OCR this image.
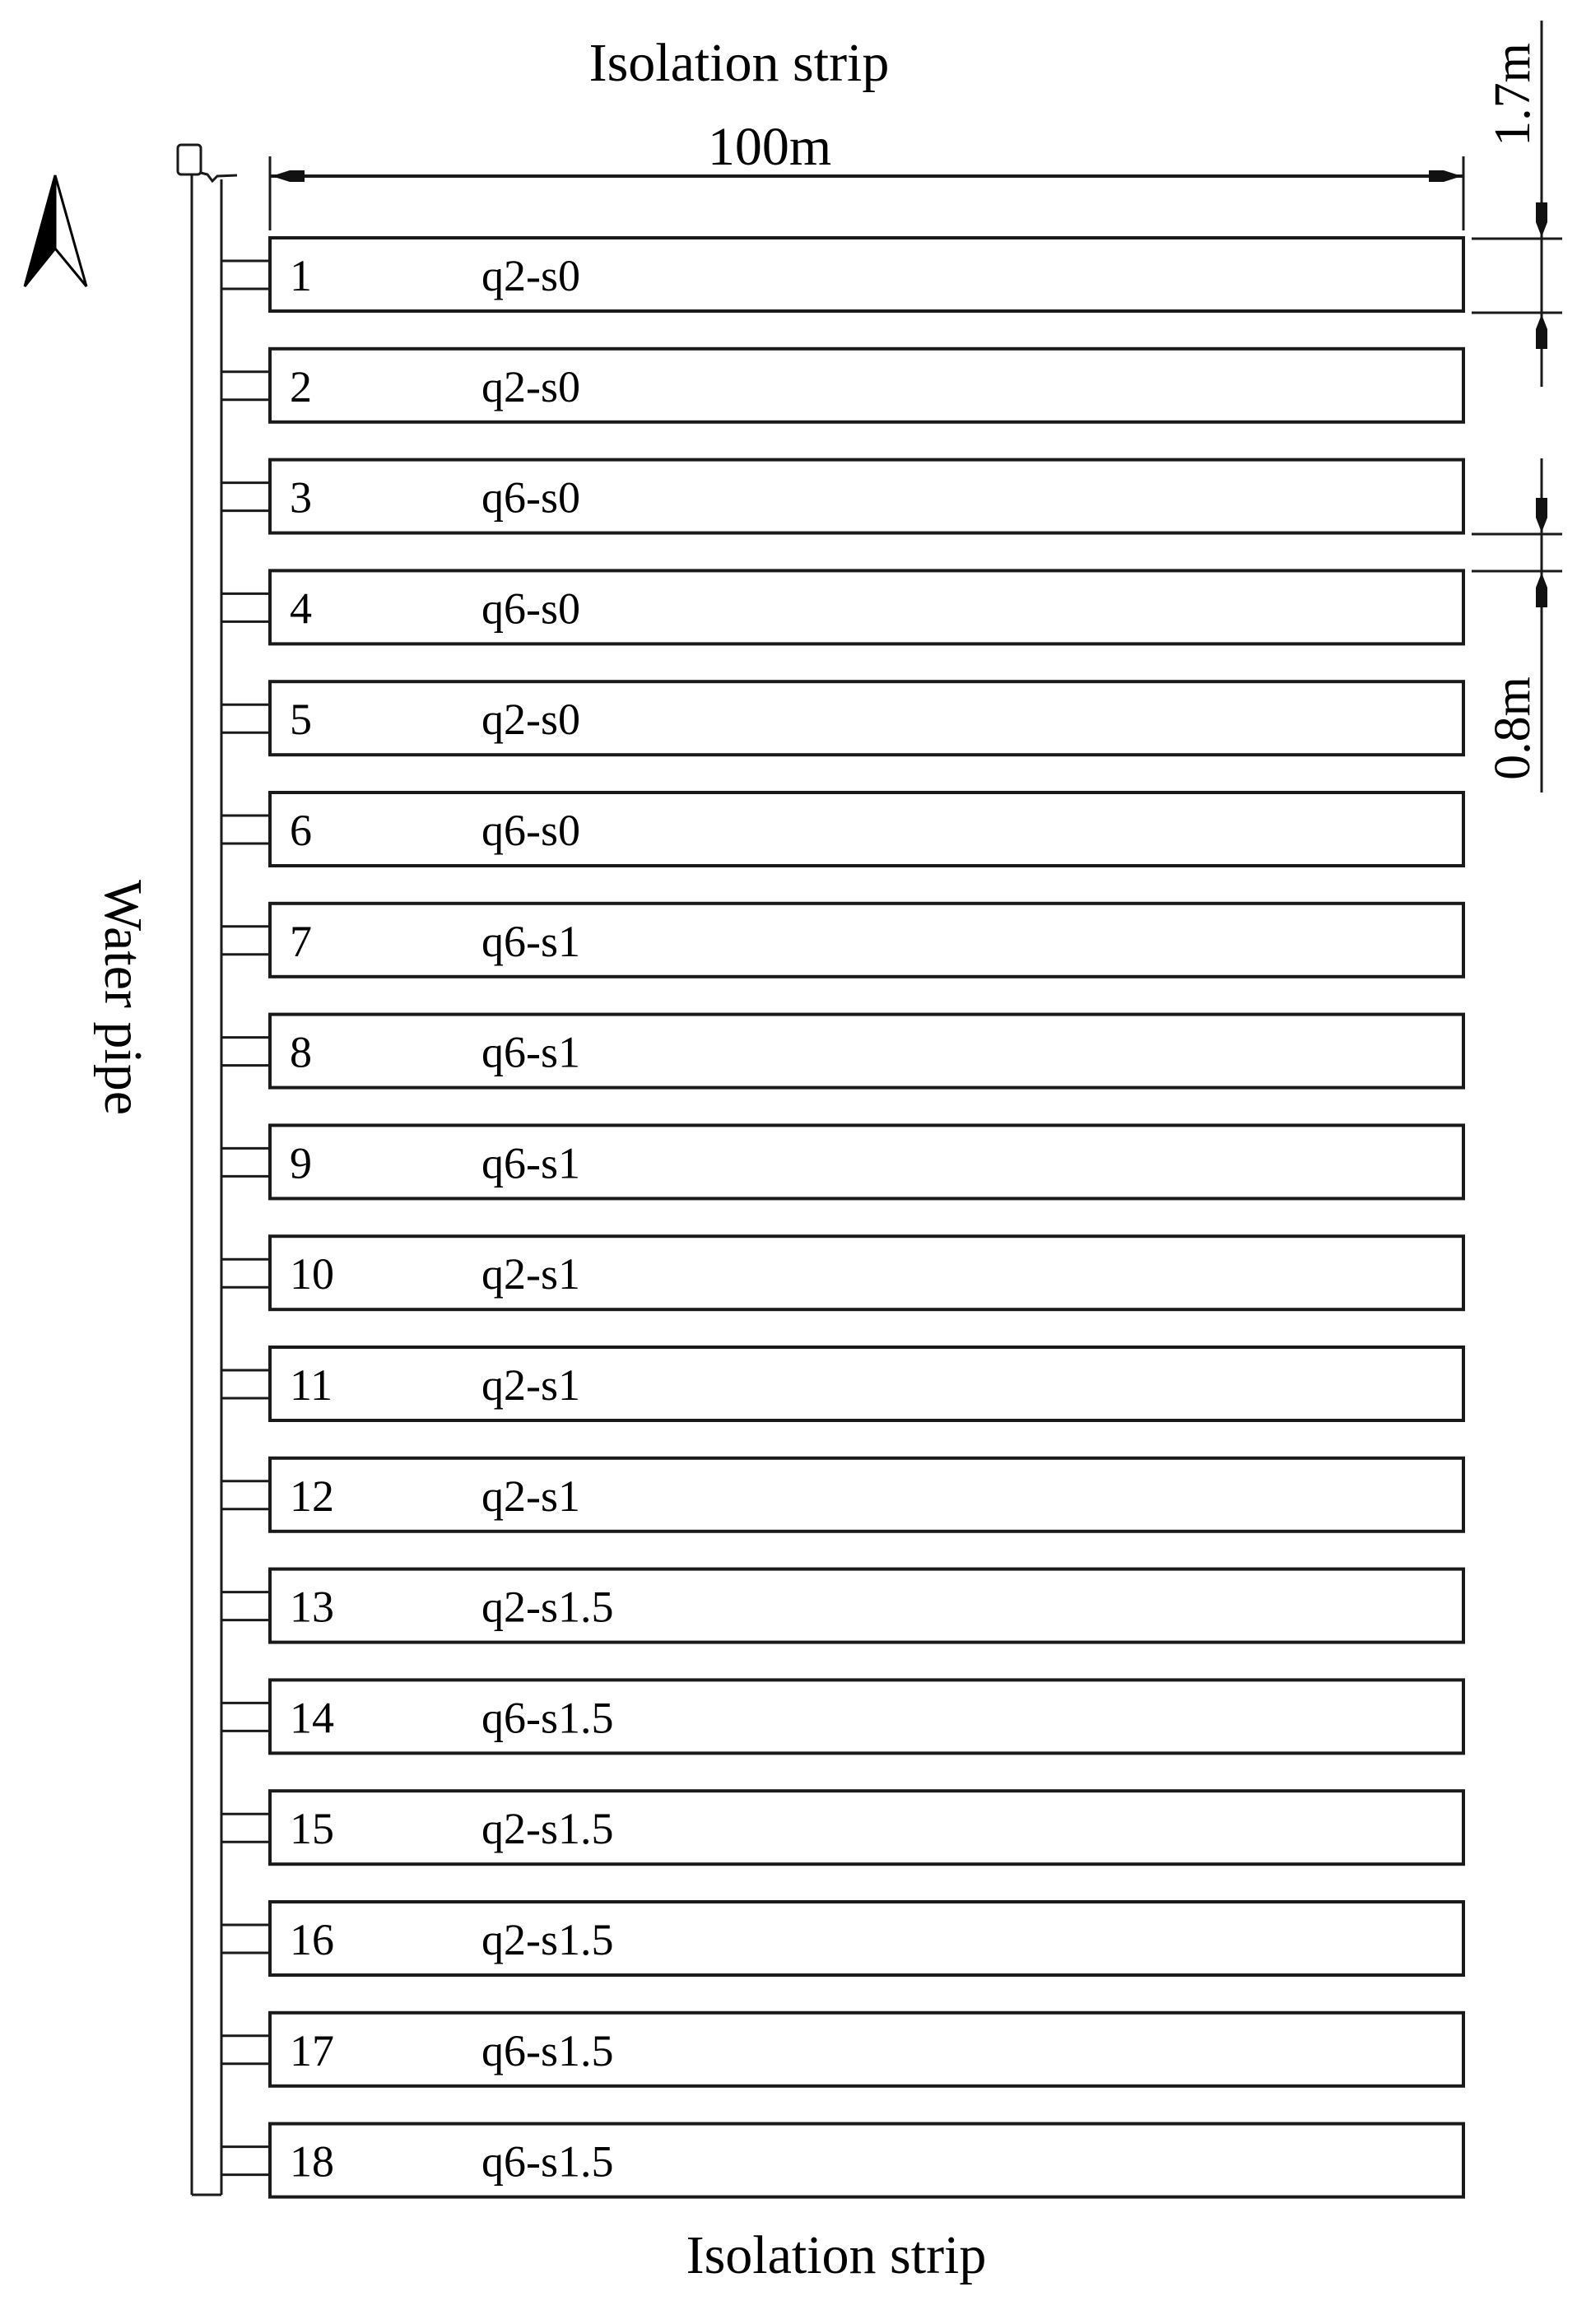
Isolation strip
100m
Water pipe
1	q2-s0
2	q2-s0
3	q6-s0
4	q6-s0
5	q2-s0
6	q6-s0
7	q6-s1
8	q6-s1
9	q6-s1
10	q2-s1
11	q2-s1
12	q2-s1
13	q2-s1.5
14	q6-s1.5
15	q2-s1.5
16	q2-s1.5
17	q6-s1.5
18	q6-s1.5
1.7m
0.8m
Isolation strip
